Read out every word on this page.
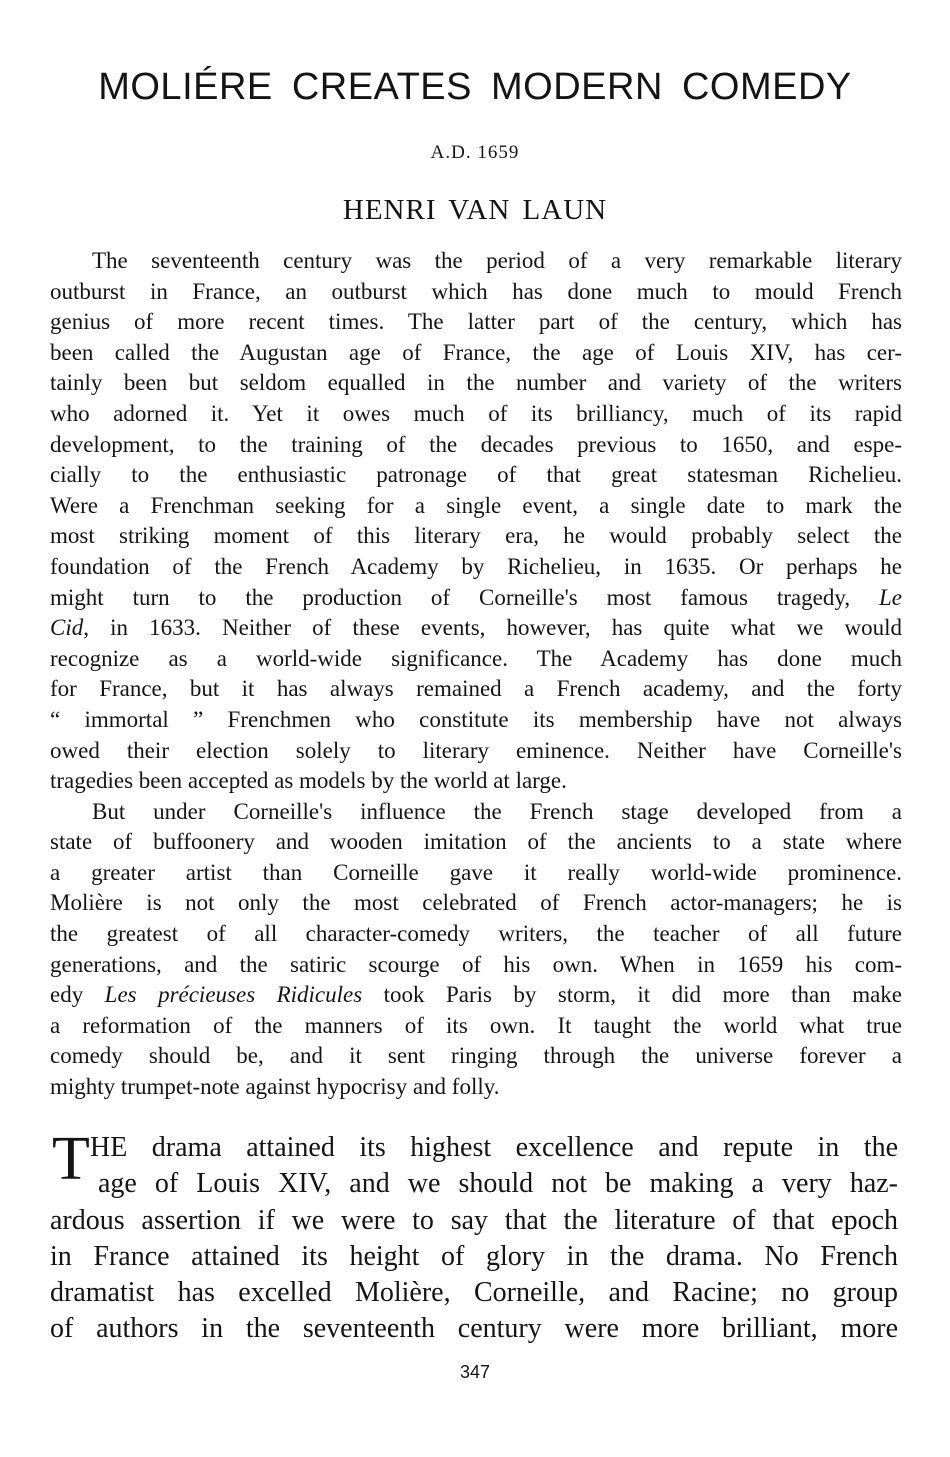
MOLIÉRE CREATES MODERN COMEDY
A.D. 1659
HENRI VAN LAUN
The seventeenth century was the period of a very remarkable literary
outburst in France, an outburst which has done much to mould French
genius of more recent times. The latter part of the century, which has
been called the Augustan age of France, the age of Louis XIV, has cer-
tainly been but seldom equalled in the number and variety of the writers
who adorned it. Yet it owes much of its brilliancy, much of its rapid
development, to the training of the decades previous to 1650, and espe-
cially to the enthusiastic patronage of that great statesman Richelieu.
Were a Frenchman seeking for a single event, a single date to mark the
most striking moment of this literary era, he would probably select the
foundation of the French Academy by Richelieu, in 1635. Or perhaps he
might turn to the production of Corneille's most famous tragedy, Le
Cid, in 1633. Neither of these events, however, has quite what we would
recognize as a world-wide significance. The Academy has done much
for France, but it has always remained a French academy, and the forty
“ immortal ” Frenchmen who constitute its membership have not always
owed their election solely to literary eminence. Neither have Corneille's
tragedies been accepted as models by the world at large.
But under Corneille's influence the French stage developed from a
state of buffoonery and wooden imitation of the ancients to a state where
a greater artist than Corneille gave it really world-wide prominence.
Molière is not only the most celebrated of French actor-managers; he is
the greatest of all character-comedy writers, the teacher of all future
generations, and the satiric scourge of his own. When in 1659 his com-
edy Les précieuses Ridicules took Paris by storm, it did more than make
a reformation of the manners of its own. It taught the world what true
comedy should be, and it sent ringing through the universe forever a
mighty trumpet-note against hypocrisy and folly.
T HE drama attained its highest excellence and repute in the
age of Louis XIV, and we should not be making a very haz-
ardous assertion if we were to say that the literature of that epoch
in France attained its height of glory in the drama. No French
dramatist has excelled Molière, Corneille, and Racine; no group
of authors in the seventeenth century were more brilliant, more
347
